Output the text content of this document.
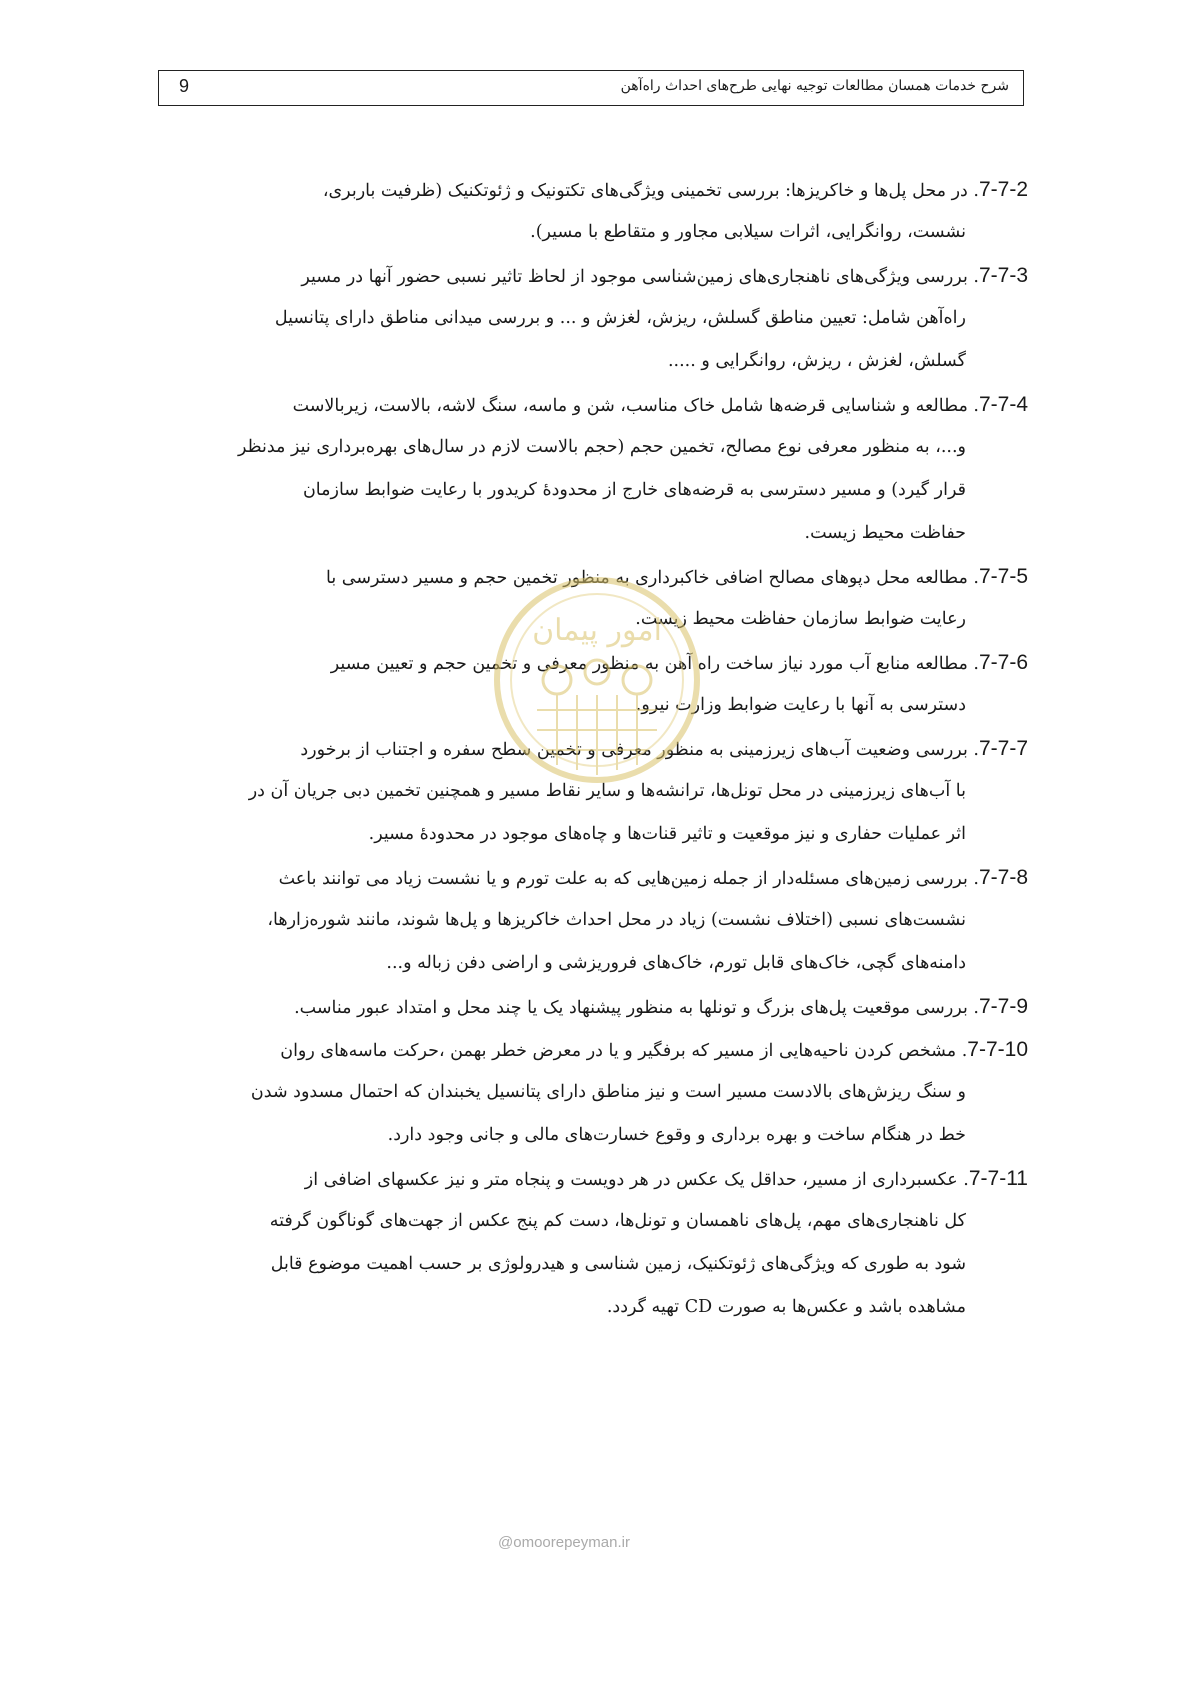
9	شرح خدمات همسان مطالعات توجیه نهایی طرح‌های احداث راه‌آهن
7-7-2. در محل پل‌ها و خاکریزها: بررسی تخمینی ویژگی‌های تکتونیک و ژئوتکنیک (ظرفیت باربری،
نشست، روانگرایی، اثرات سیلابی مجاور و متقاطع با مسیر).
7-7-3. بررسی ویژگی‌های ناهنجاری‌های زمین‌شناسی موجود از لحاظ تاثیر نسبی حضور آنها در مسیر
راه‌آهن شامل: تعیین مناطق گسلش، ریزش، لغزش و ... و بررسی میدانی مناطق دارای پتانسیل
گسلش، لغزش ، ریزش، روانگرایی و .....
7-7-4. مطالعه و شناسایی قرضه‌ها شامل خاک مناسب، شن و ماسه، سنگ لاشه، بالاست، زیربالاست
و...، به منظور معرفی نوع مصالح، تخمین حجم (حجم بالاست لازم در سال‌های بهره‌برداری نیز مدنظر
قرار گیرد) و مسیر دسترسی به قرضه‌های خارج از محدودهٔ کریدور با رعایت ضوابط سازمان
حفاظت محیط زیست.
7-7-5. مطالعه محل دپوهای مصالح اضافی خاکبرداری به منظور تخمین حجم و مسیر دسترسی با
رعایت ضوابط سازمان حفاظت محیط زیست.
7-7-6. مطالعه منابع آب مورد نیاز ساخت راه آهن به منظور معرفی و تخمین حجم و تعیین مسیر
دسترسی به آنها با رعایت ضوابط وزارت نیرو.
7-7-7. بررسی وضعیت آب‌های زیرزمینی به منظور معرفی و تخمین سطح سفره و اجتناب از برخورد
با آب‌های زیرزمینی در محل تونل‌ها، ترانشه‌ها و سایر نقاط مسیر و همچنین تخمین دبی جریان آن در
اثر عملیات حفاری و نیز موقعیت و تاثیر قنات‌ها و چاه‌های موجود در محدودهٔ مسیر.
7-7-8. بررسی زمین‌های مسئله‌دار از جمله زمین‌هایی که به علت تورم و یا نشست زیاد می توانند باعث
نشست‌های نسبی (اختلاف نشست) زیاد در محل احداث خاکریزها و پل‌ها شوند، مانند شوره‌زارها،
دامنه‌های گچی، خاک‌های قابل تورم، خاک‌های فروریزشی و اراضی دفن زباله و...
7-7-9. بررسی موقعیت پل‌های بزرگ و تونلها به منظور پیشنهاد یک یا چند محل و امتداد عبور مناسب.
7-7-10. مشخص کردن ناحیه‌هایی از مسیر که برفگیر و یا در معرض خطر بهمن ،حرکت ماسه‌های روان
و سنگ ریزش‌های بالادست مسیر است و نیز مناطق دارای پتانسیل یخبندان که احتمال مسدود شدن
خط در هنگام ساخت و بهره برداری و وقوع خسارت‌های مالی و جانی وجود دارد.
7-7-11. عکسبرداری از مسیر، حداقل یک عکس در هر دویست و پنجاه متر و نیز عکسهای اضافی از
کل ناهنجاری‌های مهم، پل‌های ناهمسان و تونل‌ها، دست کم پنج عکس از جهت‌های گوناگون گرفته
شود به طوری که ویژگی‌های ژئوتکنیک، زمین شناسی و هیدرولوژی بر حسب اهمیت موضوع قابل
مشاهده باشد و عکس‌ها به صورت CD تهیه گردد.
امور پیمان
@omoorepeyman.ir
